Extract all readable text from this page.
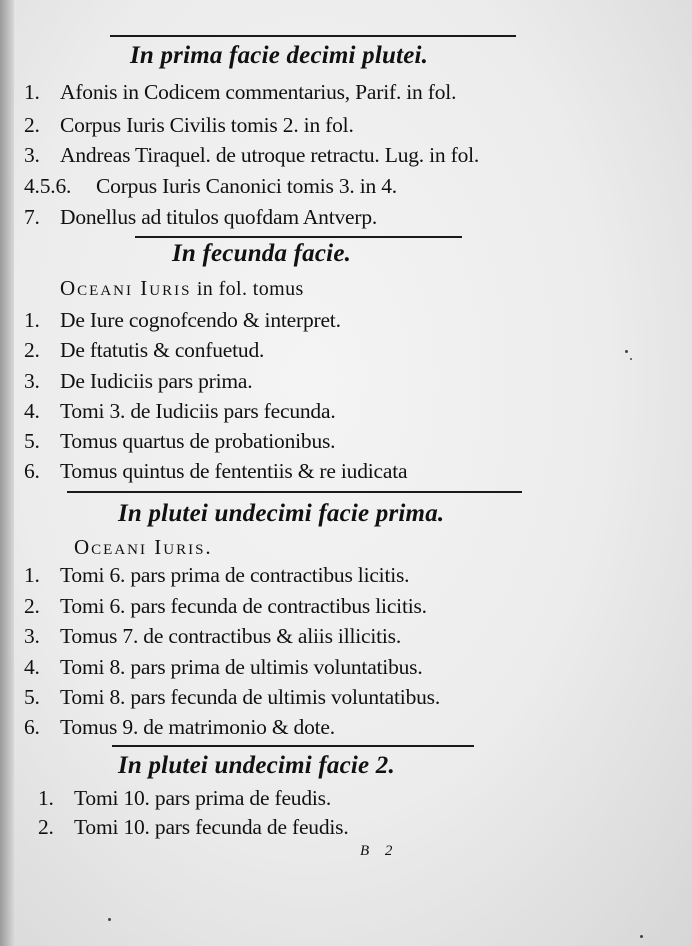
In prima facie decimi plutei.
1. Afonis in Codicem commentarius, Parif. in fol.
2. Corpus Iuris Civilis tomis 2. in fol.
3. Andreas Tiraquel. de utroque retractu. Lug. in fol.
4.5.6. Corpus Iuris Canonici tomis 3. in 4.
7. Donellus ad titulos quofdam Antverp.
In fecunda facie.
Oceani Iuris in fol. tomus
1. De Iure cognofcendo & interpret.
2. De ftatutis & confuetud.
3. De Iudiciis pars prima.
4. Tomi 3. de Iudiciis pars fecunda.
5. Tomus quartus de probationibus.
6. Tomus quintus de fententiis & re iudicata
In plutei undecimi facie prima.
Oceani Iuris.
1. Tomi 6. pars prima de contractibus licitis.
2. Tomi 6. pars fecunda de contractibus licitis.
3. Tomus 7. de contractibus & aliis illicitis.
4. Tomi 8. pars prima de ultimis voluntatibus.
5. Tomi 8. pars fecunda de ultimis voluntatibus.
6. Tomus 9. de matrimonio & dote.
In plutei undecimi facie 2.
1. Tomi 10. pars prima de feudis.
2. Tomi 10. pars fecunda de feudis.
B 2
